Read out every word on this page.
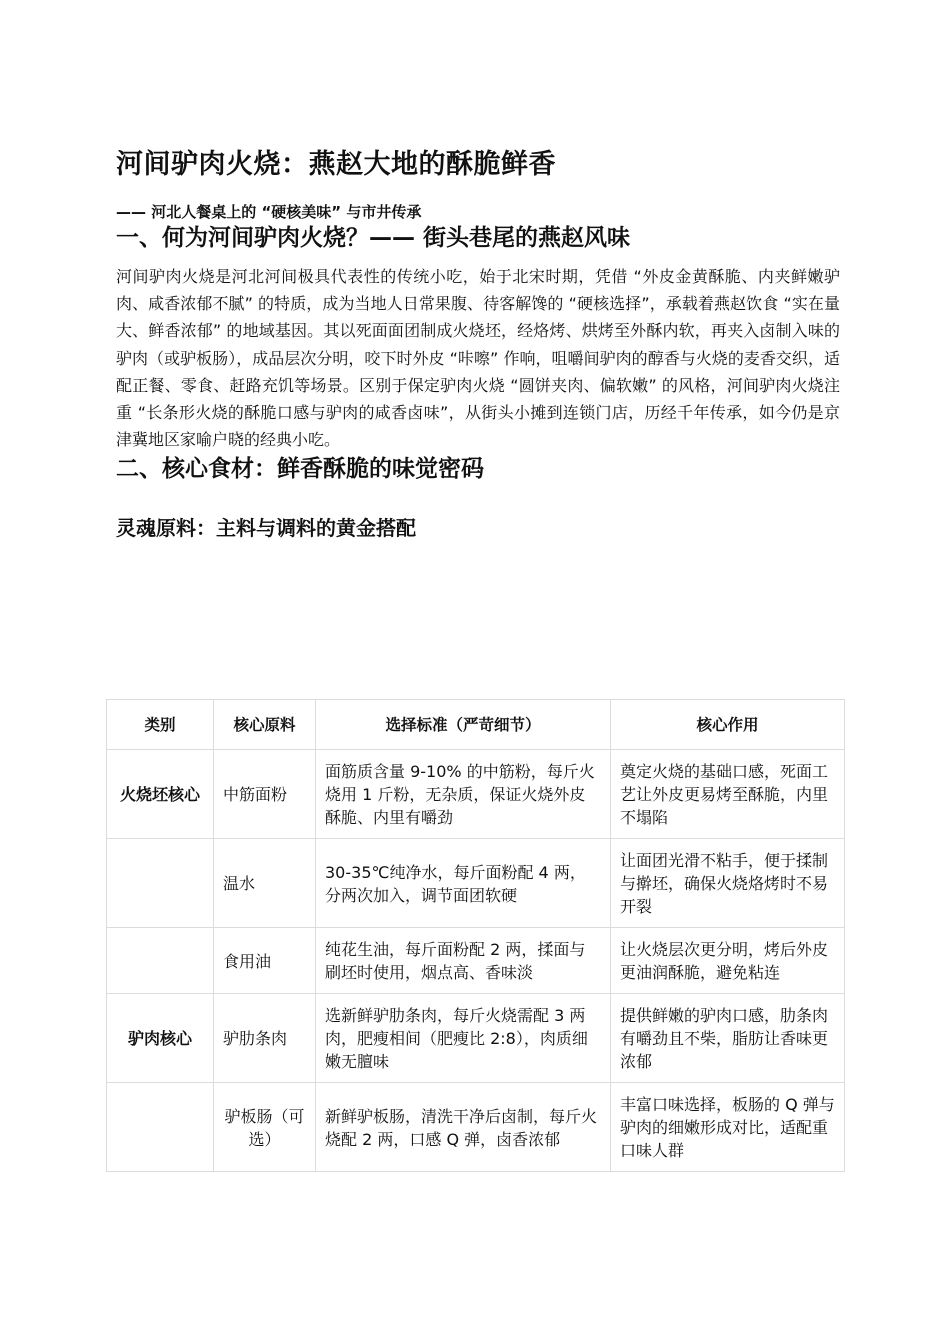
河间驴肉火烧：燕赵大地的酥脆鲜香
—— 河北人餐桌上的 “硬核美味” 与市井传承
一、何为河间驴肉火烧？—— 街头巷尾的燕赵风味

河间驴肉火烧是河北河间极具代表性的传统小吃，始于北宋时期，凭借 “外皮金黄酥脆、内夹鲜嫩驴肉、咸香浓郁不腻” 的特质，成为当地人日常果腹、待客解馋的 “硬核选择”，承载着燕赵饮食 “实在量大、鲜香浓郁” 的地域基因。其以死面面团制成火烧坯，经烙烤、烘烤至外酥内软，再夹入卤制入味的驴肉（或驴板肠），成品层次分明，咬下时外皮 “咔嚓” 作响，咀嚼间驴肉的醇香与火烧的麦香交织，适配正餐、零食、赶路充饥等场景。区别于保定驴肉火烧 “圆饼夹肉、偏软嫩” 的风格，河间驴肉火烧注重 “长条形火烧的酥脆口感与驴肉的咸香卤味”，从街头小摊到连锁门店，历经千年传承，如今仍是京津冀地区家喻户晓的经典小吃。

二、核心食材：鲜香酥脆的味觉密码
灵魂原料：主料与调料的黄金搭配
类别	核心原料	选择标准（严苛细节）	核心作用
火烧坯核心	中筋面粉	面筋质含量 9-10% 的中筋粉，每斤火烧用 1 斤粉，无杂质，保证火烧外皮酥脆、内里有嚼劲	奠定火烧的基础口感，死面工艺让外皮更易烤至酥脆，内里不塌陷
	温水	30-35℃纯净水，每斤面粉配 4 两，分两次加入，调节面团软硬	让面团光滑不粘手，便于揉制与擀坯，确保火烧烙烤时不易开裂
	食用油	纯花生油，每斤面粉配 2 两，揉面与刷坯时使用，烟点高、香味淡	让火烧层次更分明，烤后外皮更油润酥脆，避免粘连
驴肉核心	驴肋条肉	选新鲜驴肋条肉，每斤火烧需配 3 两肉，肥瘦相间（肥瘦比 2:8），肉质细嫩无膻味	提供鲜嫩的驴肉口感，肋条肉有嚼劲且不柴，脂肪让香味更浓郁
	驴板肠（可选）	新鲜驴板肠，清洗干净后卤制，每斤火烧配 2 两，口感 Q 弹，卤香浓郁	丰富口味选择，板肠的 Q 弹与驴肉的细嫩形成对比，适配重口味人群
